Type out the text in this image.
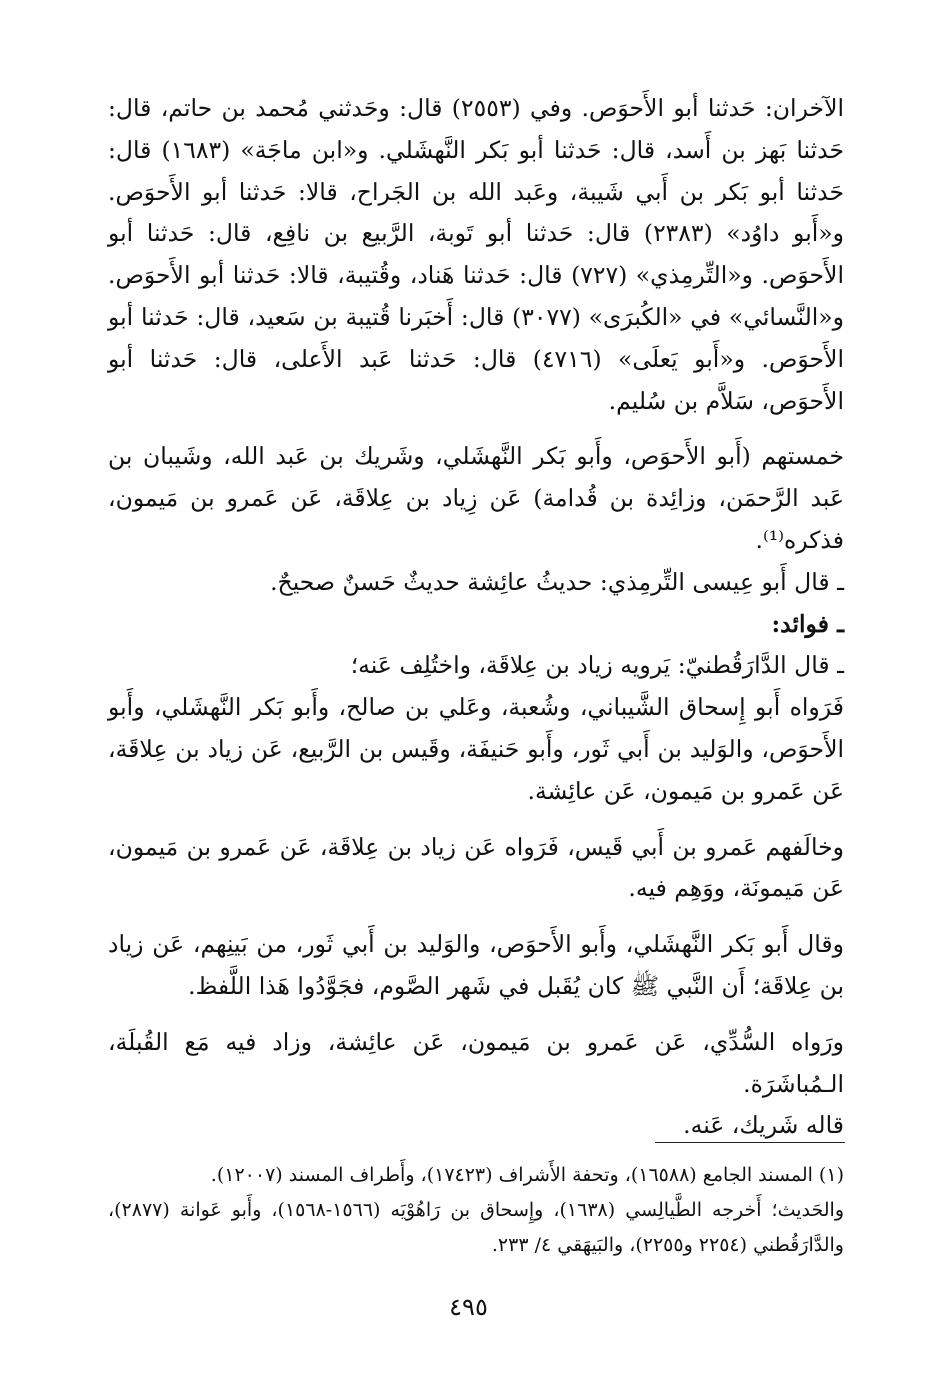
الآخران: حَدثنا أبو الأَحوَص. وفي (٢٥٥٣) قال: وحَدثني مُحمد بن حاتم، قال: حَدثنا بَهز بن أَسد، قال: حَدثنا أبو بَكر النَّهشَلي. و«ابن ماجَة» (١٦٨٣) قال: حَدثنا أبو بَكر بن أَبي شَيبة، وعَبد الله بن الجَراح، قالا: حَدثنا أبو الأَحوَص. و«أَبو داوُد» (٢٣٨٣) قال: حَدثنا أبو تَوبة، الرَّبيع بن نافِع، قال: حَدثنا أبو الأَحوَص. و«التِّرمِذي» (٧٢٧) قال: حَدثنا هَناد، وقُتيبة، قالا: حَدثنا أبو الأَحوَص. و«النَّسائي» في «الكُبرَى» (٣٠٧٧) قال: أَخبَرنا قُتيبة بن سَعيد، قال: حَدثنا أبو الأَحوَص. و«أَبو يَعلَى» (٤٧١٦) قال: حَدثنا عَبد الأَعلى، قال: حَدثنا أبو الأَحوَص، سَلاَّم بن سُليم.

خمستهم (أَبو الأَحوَص، وأَبو بَكر النَّهشَلي، وشَريك بن عَبد الله، وشَيبان بن عَبد الرَّحمَن، وزائِدة بن قُدامة) عَن زِياد بن عِلاقَة، عَن عَمرو بن مَيمون، فذكره⁽¹⁾.

ـ قال أَبو عِيسى التِّرمِذي: حديثُ عائِشة حديثٌ حَسنٌ صحيحٌ.

ـ فوائد:

ـ قال الدَّارَقُطنيّ: يَرويه زياد بن عِلاقَة، واختُلِف عَنه؛

فَرَواه أَبو إِسحاق الشَّيباني، وشُعبة، وعَلي بن صالح، وأَبو بَكر النَّهشَلي، وأَبو الأَحوَص، والوَليد بن أَبي ثَور، وأَبو حَنيفَة، وقَيس بن الرَّبيع، عَن زياد بن عِلاقَة، عَن عَمرو بن مَيمون، عَن عائِشة.

وخالَفهم عَمرو بن أَبي قَيس، فَرَواه عَن زياد بن عِلاقَة، عَن عَمرو بن مَيمون، عَن مَيمونَة، ووَهِم فيه.

وقال أَبو بَكر النَّهشَلي، وأَبو الأَحوَص، والوَليد بن أَبي ثَور، من بَينِهم، عَن زياد بن عِلاقَة؛ أَن النَّبي ﷺ كان يُقَبل في شَهر الصَّوم، فجَوَّدُوا هَذا اللَّفظ.

ورَواه السُّدِّي، عَن عَمرو بن مَيمون، عَن عائِشة، وزاد فيه مَع القُبلَة، الـمُباشَرَة.

قاله شَريك، عَنه.

(١) المسند الجامع (١٦٥٨٨)، وتحفة الأَشراف (١٧٤٢٣)، وأَطراف المسند (١٢٠٠٧).

والحَديث؛ أَخرجه الطَّيالِسي (١٦٣٨)، وإِسحاق بن رَاهُوْيَه (١٥٦٦-١٥٦٨)، وأَبو عَوانة (٢٨٧٧)، والدَّارَقُطني (٢٢٥٤ و٢٢٥٥)، والبَيهَقي ٤/ ٢٣٣.

٤٩٥
